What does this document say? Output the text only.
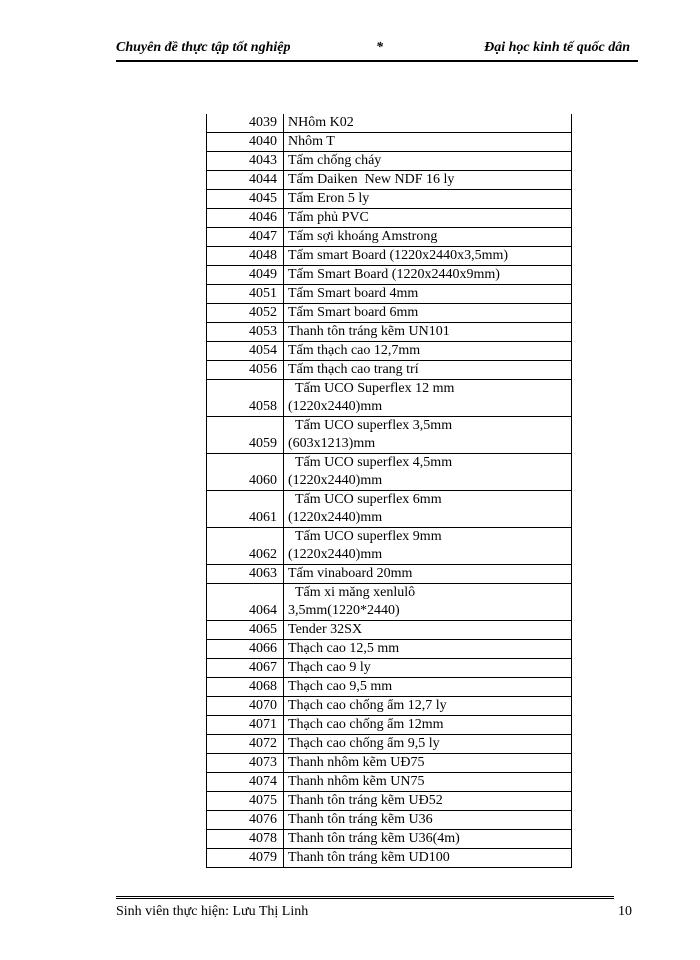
Chuyên đề thực tập tốt nghiệp	*	Đại học kinh tế quốc dân
4039	NHôm K02

4040	Nhôm T

4043	Tấm chống cháy

4044	Tấm Daiken  New NDF 16 ly

4045	Tấm Eron 5 ly

4046	Tấm phủ PVC

4047	Tấm sợi khoáng Amstrong

4048	Tấm smart Board (1220x2440x3,5mm)

4049	Tấm Smart Board (1220x2440x9mm)

4051	Tấm Smart board 4mm

4052	Tấm Smart board 6mm

4053	Thanh tôn tráng kẽm UN101

4054	Tấm thạch cao 12,7mm

4056	Tấm thạch cao trang trí

4058	Tấm UCO Superflex 12 mm
(1220x2440)mm

4059	Tấm UCO superflex 3,5mm
(603x1213)mm

4060	Tấm UCO superflex 4,5mm
(1220x2440)mm

4061	Tấm UCO superflex 6mm
(1220x2440)mm

4062	Tấm UCO superflex 9mm
(1220x2440)mm

4063	Tấm vinaboard 20mm

4064	Tấm xi măng xenlulô
3,5mm(1220*2440)

4065	Tender 32SX

4066	Thạch cao 12,5 mm

4067	Thạch cao 9 ly

4068	Thạch cao 9,5 mm

4070	Thạch cao chống ẩm 12,7 ly

4071	Thạch cao chống ẩm 12mm

4072	Thạch cao chống ẩm 9,5 ly

4073	Thanh nhôm kẽm UĐ75

4074	Thanh nhôm kẽm UN75

4075	Thanh tôn tráng kẽm UĐ52

4076	Thanh tôn tráng kẽm U36

4078	Thanh tôn tráng kẽm U36(4m)

4079	Thanh tôn tráng kẽm UD100
Sinh viên thực hiện: Lưu Thị Linh	10
